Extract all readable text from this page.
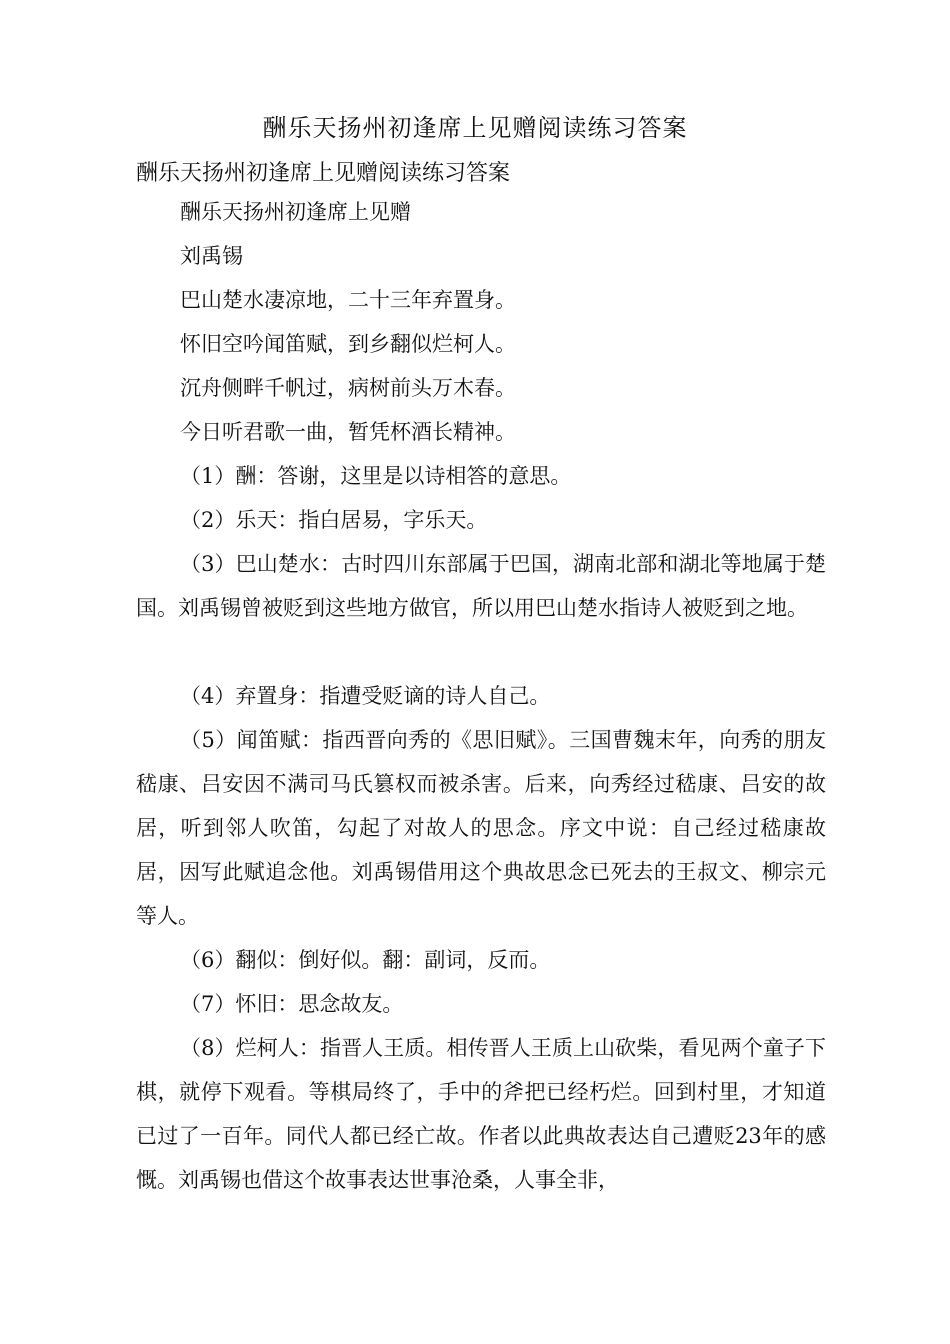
酬乐天扬州初逢席上见赠阅读练习答案
酬乐天扬州初逢席上见赠阅读练习答案

酬乐天扬州初逢席上见赠

刘禹锡

巴山楚水凄凉地，二十三年弃置身。

怀旧空吟闻笛赋，到乡翻似烂柯人。

沉舟侧畔千帆过，病树前头万木春。

今日听君歌一曲，暂凭杯酒长精神。

（1）酬：答谢，这里是以诗相答的意思。

（2）乐天：指白居易，字乐天。

（3）巴山楚水：古时四川东部属于巴国，湖南北部和湖北等地属于楚国。刘禹锡曾被贬到这些地方做官，所以用巴山楚水指诗人被贬到之地。

（4）弃置身：指遭受贬谪的诗人自己。

（5）闻笛赋：指西晋向秀的《思旧赋》。三国曹魏末年，向秀的朋友嵇康、吕安因不满司马氏篡权而被杀害。后来，向秀经过嵇康、吕安的故居，听到邻人吹笛，勾起了对故人的思念。序文中说：自己经过嵇康故居，因写此赋追念他。刘禹锡借用这个典故思念已死去的王叔文、柳宗元等人。

（6）翻似：倒好似。翻：副词，反而。

（7）怀旧：思念故友。

（8）烂柯人：指晋人王质。相传晋人王质上山砍柴，看见两个童子下棋，就停下观看。等棋局终了，手中的斧把已经朽烂。回到村里，才知道已过了一百年。同代人都已经亡故。作者以此典故表达自己遭贬23年的感慨。刘禹锡也借这个故事表达世事沧桑，人事全非，
